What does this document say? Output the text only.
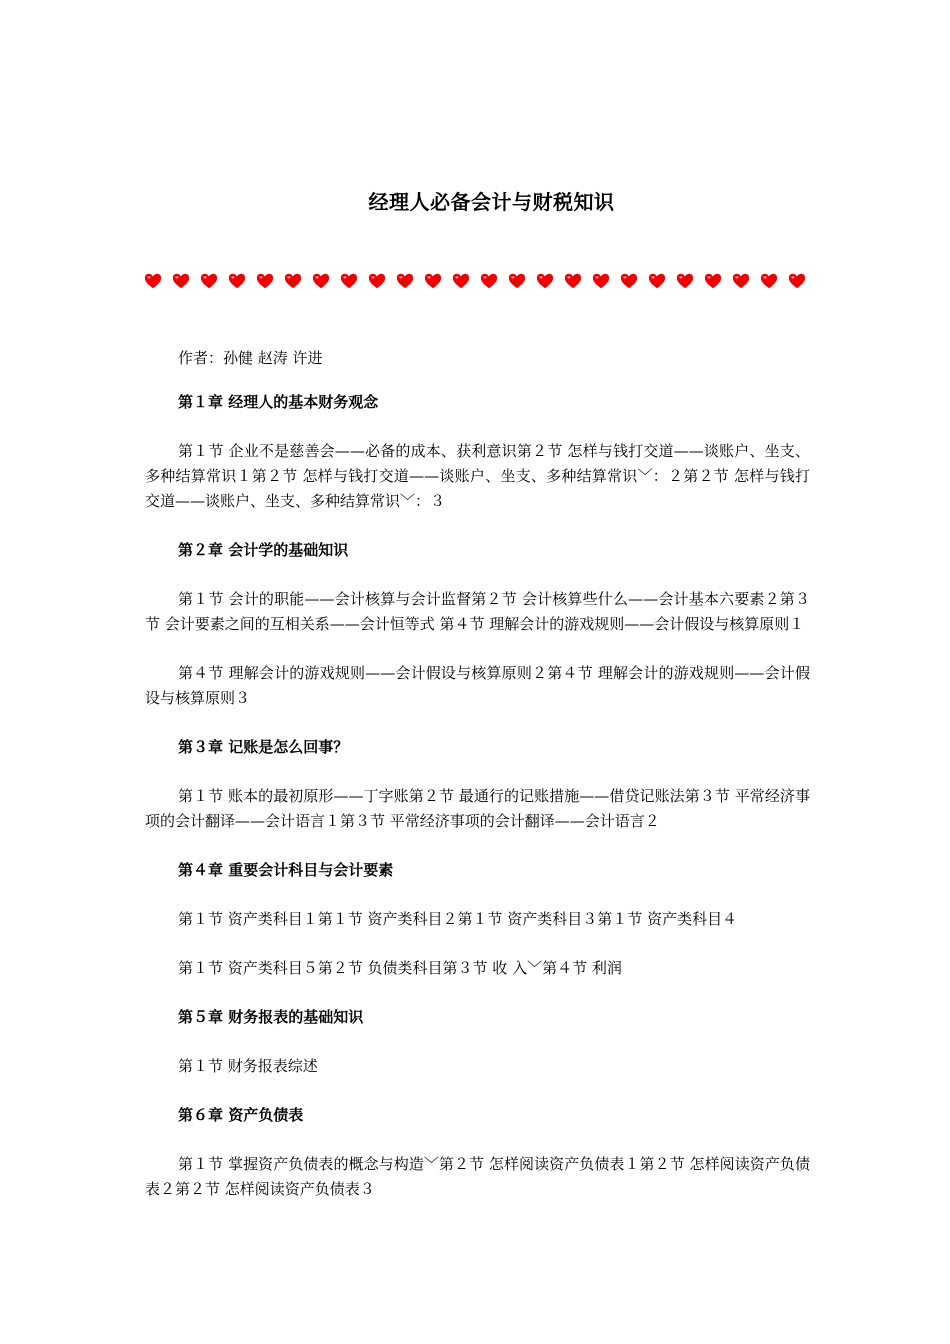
经理人必备会计与财税知识

作者：孙健 赵涛 许进

第１章 经理人的基本财务观念

第１节 企业不是慈善会——必备的成本、获利意识第２节 怎样与钱打交道——谈账户、坐支、多种结算常识１第２节 怎样与钱打交道——谈账户、坐支、多种结算常识﹀：２第２节 怎样与钱打交道——谈账户、坐支、多种结算常识﹀：３

第２章 会计学的基础知识

第１节 会计的职能——会计核算与会计监督第２节 会计核算些什么——会计基本六要素２第３节 会计要素之间的互相关系——会计恒等式 第４节 理解会计的游戏规则——会计假设与核算原则１

第４节 理解会计的游戏规则——会计假设与核算原则２第４节 理解会计的游戏规则——会计假设与核算原则３

第３章 记账是怎么回事？

第１节 账本的最初原形——丁字账第２节 最通行的记账措施——借贷记账法第３节 平常经济事项的会计翻译——会计语言１第３节 平常经济事项的会计翻译——会计语言２

第４章 重要会计科目与会计要素

第１节 资产类科目１第１节 资产类科目２第１节 资产类科目３第１节 资产类科目４

第１节 资产类科目５第２节 负债类科目第３节 收 入﹀第４节 利润

第５章 财务报表的基础知识

第１节 财务报表综述

第６章 资产负债表

第１节 掌握资产负债表的概念与构造﹀第２节 怎样阅读资产负债表１第２节 怎样阅读资产负债表２第２节 怎样阅读资产负债表３
